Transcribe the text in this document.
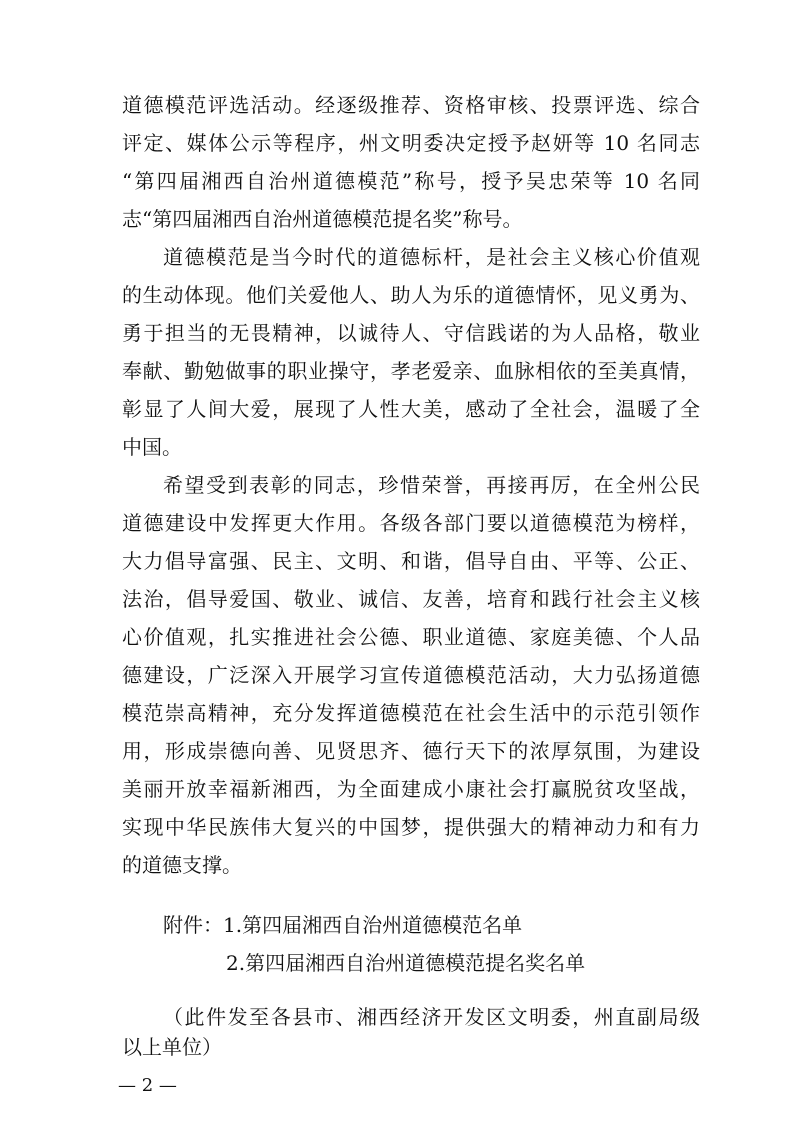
道德模范评选活动。经逐级推荐、资格审核、投票评选、综合
评定、媒体公示等程序，州文明委决定授予赵妍等 10 名同志
“第四届湘西自治州道德模范”称号，授予吴忠荣等 10 名同
志“第四届湘西自治州道德模范提名奖”称号。
道德模范是当今时代的道德标杆，是社会主义核心价值观
的生动体现。他们关爱他人、助人为乐的道德情怀，见义勇为、
勇于担当的无畏精神，以诚待人、守信践诺的为人品格，敬业
奉献、勤勉做事的职业操守，孝老爱亲、血脉相依的至美真情，
彰显了人间大爱，展现了人性大美，感动了全社会，温暖了全
中国。
希望受到表彰的同志，珍惜荣誉，再接再厉，在全州公民
道德建设中发挥更大作用。各级各部门要以道德模范为榜样，
大力倡导富强、民主、文明、和谐，倡导自由、平等、公正、
法治，倡导爱国、敬业、诚信、友善，培育和践行社会主义核
心价值观，扎实推进社会公德、职业道德、家庭美德、个人品
德建设，广泛深入开展学习宣传道德模范活动，大力弘扬道德
模范崇高精神，充分发挥道德模范在社会生活中的示范引领作
用，形成崇德向善、见贤思齐、德行天下的浓厚氛围，为建设
美丽开放幸福新湘西，为全面建成小康社会打赢脱贫攻坚战，
实现中华民族伟大复兴的中国梦，提供强大的精神动力和有力
的道德支撑。
附件：1.第四届湘西自治州道德模范名单
2.第四届湘西自治州道德模范提名奖名单
（此件发至各县市、湘西经济开发区文明委，州直副局级
— 2 —
以上单位）
